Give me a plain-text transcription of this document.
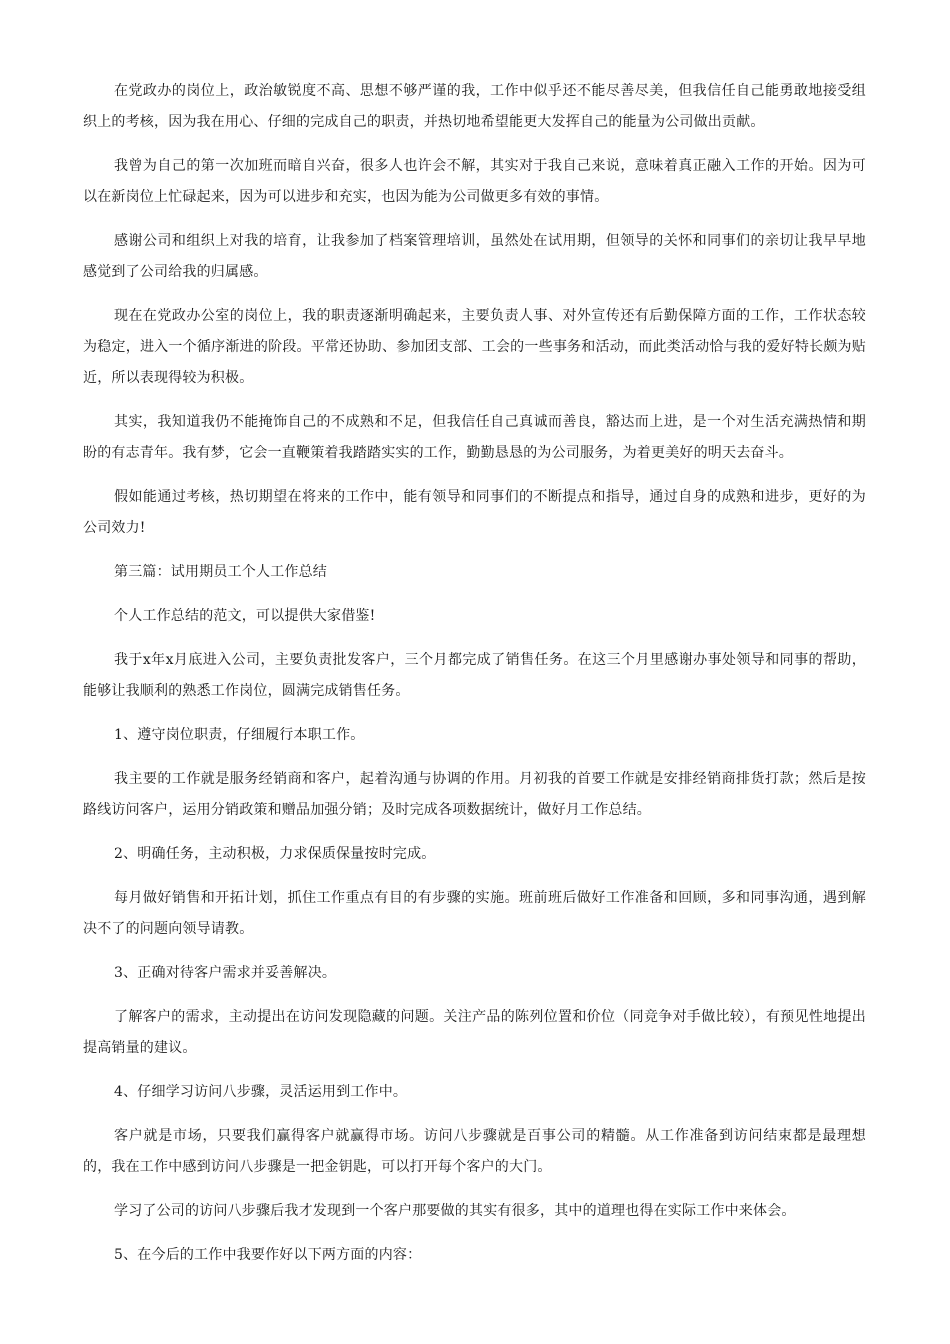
在党政办的岗位上，政治敏锐度不高、思想不够严谨的我，工作中似乎还不能尽善尽美，但我信任自己能勇敢地接受组织上的考核，因为我在用心、仔细的完成自己的职责，并热切地希望能更大发挥自己的能量为公司做出贡献。

我曾为自己的第一次加班而暗自兴奋，很多人也许会不解，其实对于我自己来说，意味着真正融入工作的开始。因为可以在新岗位上忙碌起来，因为可以进步和充实，也因为能为公司做更多有效的事情。

感谢公司和组织上对我的培育，让我参加了档案管理培训，虽然处在试用期，但领导的关怀和同事们的亲切让我早早地感觉到了公司给我的归属感。

现在在党政办公室的岗位上，我的职责逐渐明确起来，主要负责人事、对外宣传还有后勤保障方面的工作，工作状态较为稳定，进入一个循序渐进的阶段。平常还协助、参加团支部、工会的一些事务和活动，而此类活动恰与我的爱好特长颇为贴近，所以表现得较为积极。

其实，我知道我仍不能掩饰自己的不成熟和不足，但我信任自己真诚而善良，豁达而上进，是一个对生活充满热情和期盼的有志青年。我有梦，它会一直鞭策着我踏踏实实的工作，勤勤恳恳的为公司服务，为着更美好的明天去奋斗。

假如能通过考核，热切期望在将来的工作中，能有领导和同事们的不断提点和指导，通过自身的成熟和进步，更好的为公司效力!

第三篇：试用期员工个人工作总结

个人工作总结的范文，可以提供大家借鉴!

我于x年x月底进入公司，主要负责批发客户，三个月都完成了销售任务。在这三个月里感谢办事处领导和同事的帮助，能够让我顺利的熟悉工作岗位，圆满完成销售任务。

1、遵守岗位职责，仔细履行本职工作。

我主要的工作就是服务经销商和客户，起着沟通与协调的作用。月初我的首要工作就是安排经销商排货打款；然后是按路线访问客户，运用分销政策和赠品加强分销；及时完成各项数据统计，做好月工作总结。

2、明确任务，主动积极，力求保质保量按时完成。

每月做好销售和开拓计划，抓住工作重点有目的有步骤的实施。班前班后做好工作准备和回顾，多和同事沟通，遇到解决不了的问题向领导请教。

3、正确对待客户需求并妥善解决。

了解客户的需求，主动提出在访问发现隐藏的问题。关注产品的陈列位置和价位（同竞争对手做比较），有预见性地提出提高销量的建议。

4、仔细学习访问八步骤，灵活运用到工作中。

客户就是市场，只要我们赢得客户就赢得市场。访问八步骤就是百事公司的精髓。从工作准备到访问结束都是最理想的，我在工作中感到访问八步骤是一把金钥匙，可以打开每个客户的大门。

学习了公司的访问八步骤后我才发现到一个客户那要做的其实有很多，其中的道理也得在实际工作中来体会。

5、在今后的工作中我要作好以下两方面的内容：
